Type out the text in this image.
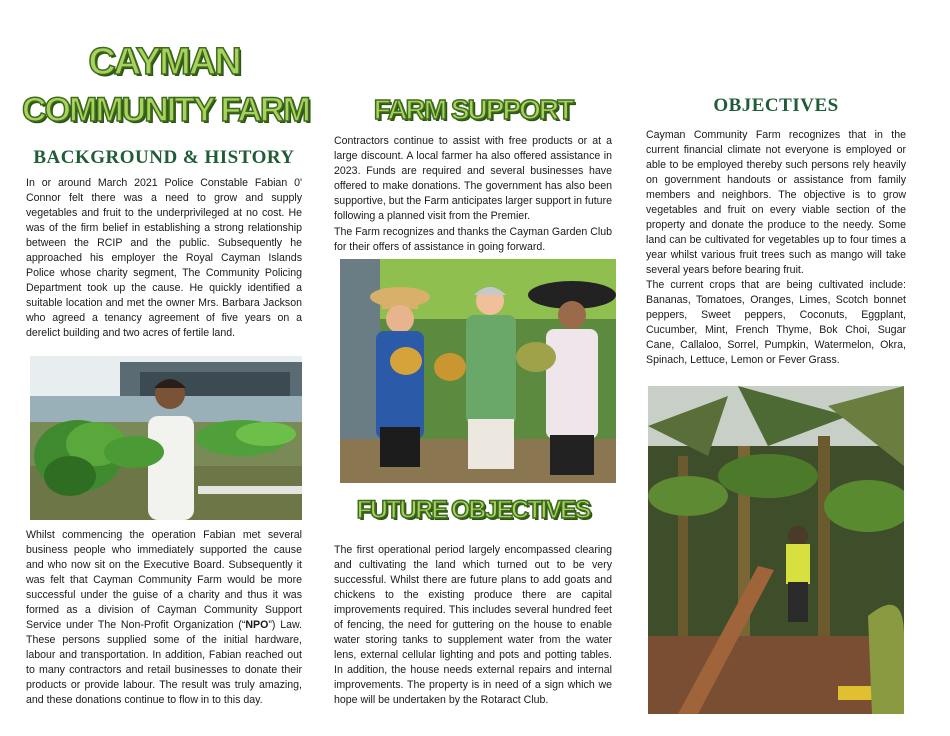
CAYMAN
COMMUNITY FARM
BACKGROUND & HISTORY

In or around March 2021 Police Constable Fabian 0' Connor felt there was a need to grow and supply vegetables and fruit to the underprivileged at no cost. He was of the firm belief in establishing a strong relationship between the RCIP and the public. Subsequently he approached his employer the Royal Cayman Islands Police whose charity segment, The Community Policing Department took up the cause. He quickly identified a suitable location and met the owner Mrs. Barbara Jackson who agreed a tenancy agreement of five years on a derelict building and two acres of fertile land.

Whilst commencing the operation Fabian met several business people who immediately supported the cause and who now sit on the Executive Board. Subsequently it was felt that Cayman Community Farm would be more successful under the guise of a charity and thus it was formed as a division of Cayman Community Support Service under The Non-Profit Organization (“NPO”) Law. These persons supplied some of the initial hardware, labour and transportation. In addition, Fabian reached out to many contractors and retail businesses to donate their products or provide labour. The result was truly amazing, and these donations continue to flow in to this day.

FARM SUPPORT

Contractors continue to assist with free products or at a large discount. A local farmer ha also offered assistance in 2023. Funds are required and several businesses have offered to make donations. The government has also been supportive, but the Farm anticipates larger support in future following a planned visit from the Premier.

The Farm recognizes and thanks the Cayman Garden Club for their offers of assistance in going forward.

FUTURE OBJECTIVES

The first operational period largely encompassed clearing and cultivating the land which turned out to be very successful. Whilst there are future plans to add goats and chickens to the existing produce there are capital improvements required. This includes several hundred feet of fencing, the need for guttering on the house to enable water storing tanks to supplement water from the water lens, external cellular lighting and pots and potting tables. In addition, the house needs external repairs and internal improvements. The property is in need of a sign which we hope will be undertaken by the Rotaract Club.

OBJECTIVES

Cayman Community Farm recognizes that in the current financial climate not everyone is employed or able to be employed thereby such persons rely heavily on government handouts or assistance from family members and neighbors. The objective is to grow vegetables and fruit on every viable section of the property and donate the produce to the needy. Some land can be cultivated for vegetables up to four times a year whilst various fruit trees such as mango will take several years before bearing fruit.

The current crops that are being cultivated include: Bananas, Tomatoes, Oranges, Limes, Scotch bonnet peppers, Sweet peppers, Coconuts, Eggplant, Cucumber, Mint, French Thyme, Bok Choi, Sugar Cane, Callaloo, Sorrel, Pumpkin, Watermelon, Okra, Spinach, Lettuce, Lemon or Fever Grass.
